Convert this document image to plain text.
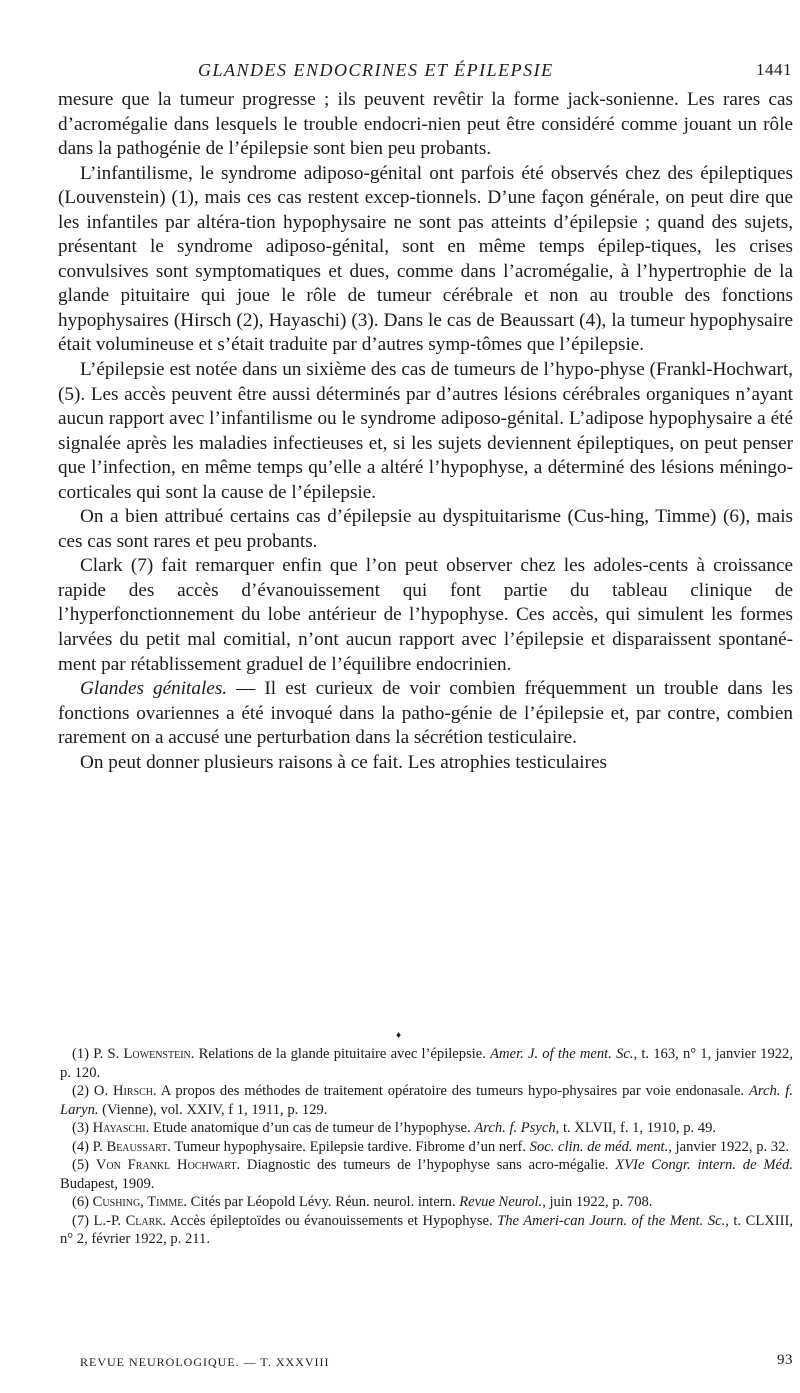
GLANDES ENDOCRINES ET ÉPILEPSIE	1441

mesure que la tumeur progresse ; ils peuvent revêtir la forme jack-sonienne. Les rares cas d’acromégalie dans lesquels le trouble endocri-nien peut être considéré comme jouant un rôle dans la pathogénie de l’épilepsie sont bien peu probants.

L’infantilisme, le syndrome adiposo-génital ont parfois été observés chez des épileptiques (Louvenstein) (1), mais ces cas restent excep-tionnels. D’une façon générale, on peut dire que les infantiles par altéra-tion hypophysaire ne sont pas atteints d’épilepsie ; quand des sujets, présentant le syndrome adiposo-génital, sont en même temps épilep-tiques, les crises convulsives sont symptomatiques et dues, comme dans l’acromégalie, à l’hypertrophie de la glande pituitaire qui joue le rôle de tumeur cérébrale et non au trouble des fonctions hypophysaires (Hirsch (2), Hayaschi) (3). Dans le cas de Beaussart (4), la tumeur hypophysaire était volumineuse et s’était traduite par d’autres symp-tômes que l’épilepsie.

L’épilepsie est notée dans un sixième des cas de tumeurs de l’hypo-physe (Frankl-Hochwart, (5). Les accès peuvent être aussi déterminés par d’autres lésions cérébrales organiques n’ayant aucun rapport avec l’infantilisme ou le syndrome adiposo-génital. L’adipose hypophysaire a été signalée après les maladies infectieuses et, si les sujets deviennent épileptiques, on peut penser que l’infection, en même temps qu’elle a altéré l’hypophyse, a déterminé des lésions méningo-corticales qui sont la cause de l’épilepsie.

On a bien attribué certains cas d’épilepsie au dyspituitarisme (Cus-hing, Timme) (6), mais ces cas sont rares et peu probants.

Clark (7) fait remarquer enfin que l’on peut observer chez les adoles-cents à croissance rapide des accès d’évanouissement qui font partie du tableau clinique de l’hyperfonctionnement du lobe antérieur de l’hypophyse. Ces accès, qui simulent les formes larvées du petit mal comitial, n’ont aucun rapport avec l’épilepsie et disparaissent spontané-ment par rétablissement graduel de l’équilibre endocrinien.

Glandes génitales. — Il est curieux de voir combien fréquemment un trouble dans les fonctions ovariennes a été invoqué dans la patho-génie de l’épilepsie et, par contre, combien rarement on a accusé une perturbation dans la sécrétion testiculaire.

On peut donner plusieurs raisons à ce fait. Les atrophies testiculaires

♦

(1) P. S. Lowenstein. Relations de la glande pituitaire avec l’épilepsie. Amer. J. of the ment. Sc., t. 163, n° 1, janvier 1922, p. 120.

(2) O. Hirsch. A propos des méthodes de traitement opératoire des tumeurs hypo-physaires par voie endonasale. Arch. f. Laryn. (Vienne), vol. XXIV, f 1, 1911, p. 129.

(3) Hayaschi. Etude anatomique d’un cas de tumeur de l’hypophyse. Arch. f. Psych, t. XLVII, f. 1, 1910, p. 49.

(4) P. Beaussart. Tumeur hypophysaire. Epilepsie tardive. Fibrome d’un nerf. Soc. clin. de méd. ment., janvier 1922, p. 32.

(5) Von Frankl Hochwart. Diagnostic des tumeurs de l’hypophyse sans acro-mégalie. XVIe Congr. intern. de Méd. Budapest, 1909.

(6) Cushing, Timme. Cités par Léopold Lévy. Réun. neurol. intern. Revue Neurol., juin 1922, p. 708.

(7) L.-P. Clark. Accès épileptoïdes ou évanouissements et Hypophyse. The Ameri-can Journ. of the Ment. Sc., t. CLXIII, n° 2, février 1922, p. 211.

REVUE NEUROLOGIQUE. — T. XXXVIII	93
